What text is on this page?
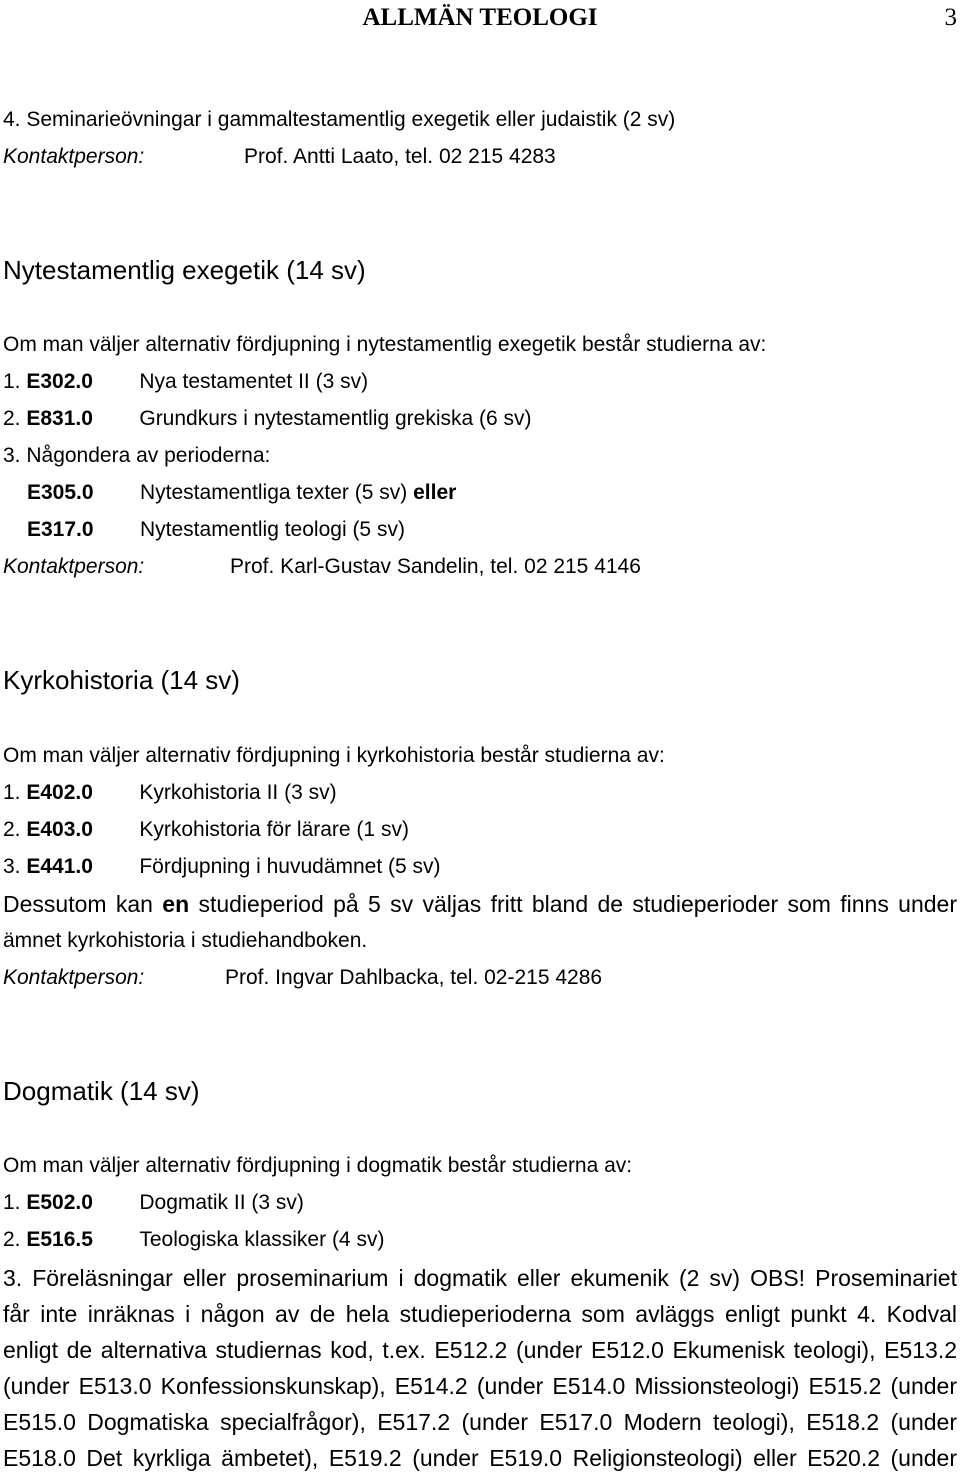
ALLMÄN TEOLOGI	3
4. Seminarieövningar i gammaltestamentlig exegetik eller judaistik (2 sv)
Kontaktperson:	Prof. Antti Laato, tel. 02 215 4283
Nytestamentlig exegetik (14 sv)
Om man väljer alternativ fördjupning i nytestamentlig exegetik består studierna av:
1. E302.0 Nya testamentet II (3 sv)
2. E831.0 Grundkurs i nytestamentlig grekiska (6 sv)
3. Någondera av perioderna:
E305.0 Nytestamentliga texter (5 sv) eller
E317.0 Nytestamentlig teologi (5 sv)
Kontaktperson:	Prof. Karl-Gustav Sandelin, tel. 02 215 4146
Kyrkohistoria (14 sv)
Om man väljer alternativ fördjupning i kyrkohistoria består studierna av:
1. E402.0 Kyrkohistoria II (3 sv)
2. E403.0 Kyrkohistoria för lärare (1 sv)
3. E441.0 Fördjupning i huvudämnet (5 sv)
Dessutom kan en studieperiod på 5 sv väljas fritt bland de studieperioder som finns under
ämnet kyrkohistoria i studiehandboken.
Kontaktperson:	Prof. Ingvar Dahlbacka, tel. 02-215 4286
Dogmatik (14 sv)
Om man väljer alternativ fördjupning i dogmatik består studierna av:
1. E502.0 Dogmatik II (3 sv)
2. E516.5 Teologiska klassiker (4 sv)
3. Föreläsningar eller proseminarium i dogmatik eller ekumenik (2 sv) OBS! Proseminariet
får inte inräknas i någon av de hela studieperioderna som avläggs enligt punkt 4. Kodval
enligt de alternativa studiernas kod, t.ex. E512.2 (under E512.0 Ekumenisk teologi), E513.2
(under E513.0 Konfessionskunskap), E514.2 (under E514.0 Missionsteologi) E515.2 (under
E515.0 Dogmatiska specialfrågor), E517.2 (under E517.0 Modern teologi), E518.2 (under
E518.0 Det kyrkliga ämbetet), E519.2 (under E519.0 Religionsteologi) eller E520.2 (under
